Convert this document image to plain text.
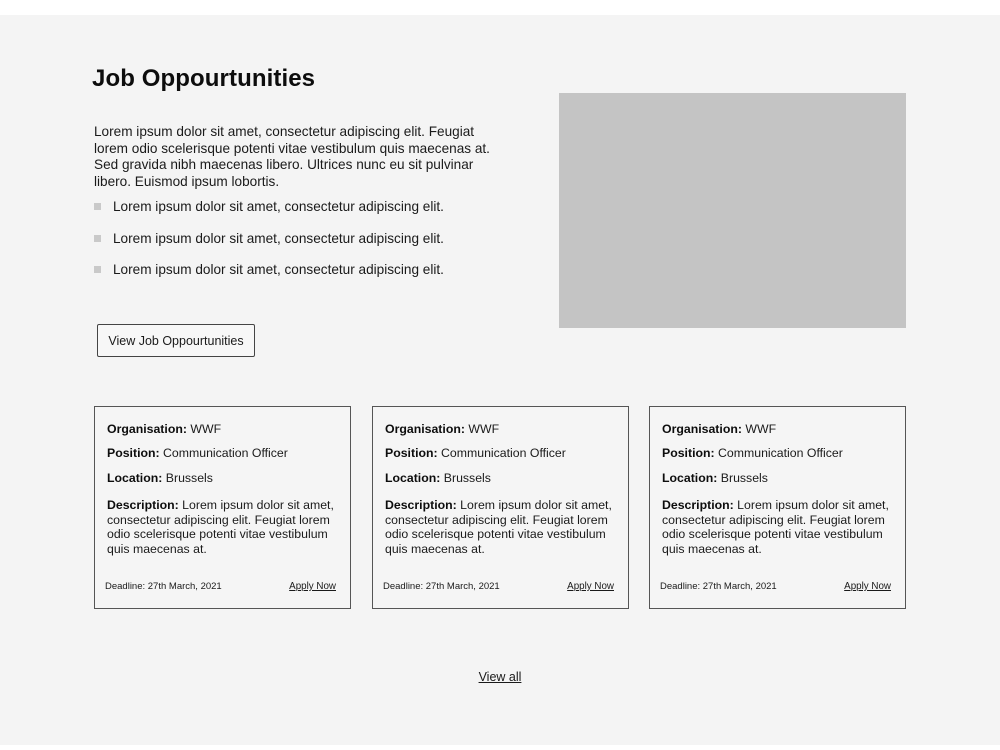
Job Oppourtunities

Lorem ipsum dolor sit amet, consectetur adipiscing elit. Feugiat lorem odio scelerisque potenti vitae vestibulum quis maecenas at. Sed gravida nibh maecenas libero. Ultrices nunc eu sit pulvinar libero. Euismod ipsum lobortis.

Lorem ipsum dolor sit amet, consectetur adipiscing elit.
Lorem ipsum dolor sit amet, consectetur adipiscing elit.
Lorem ipsum dolor sit amet, consectetur adipiscing elit.
View Job Oppourtunities

Organisation: WWF

Position: Communication Officer

Location: Brussels

Description: Lorem ipsum dolor sit amet, consectetur adipiscing elit. Feugiat lorem odio scelerisque potenti vitae vestibulum quis maecenas at.

Deadline: 27th March, 2021	Apply Now

Organisation: WWF

Position: Communication Officer

Location: Brussels

Description: Lorem ipsum dolor sit amet, consectetur adipiscing elit. Feugiat lorem odio scelerisque potenti vitae vestibulum quis maecenas at.

Deadline: 27th March, 2021	Apply Now

Organisation: WWF

Position: Communication Officer

Location: Brussels

Description: Lorem ipsum dolor sit amet, consectetur adipiscing elit. Feugiat lorem odio scelerisque potenti vitae vestibulum quis maecenas at.

Deadline: 27th March, 2021	Apply Now
View all
